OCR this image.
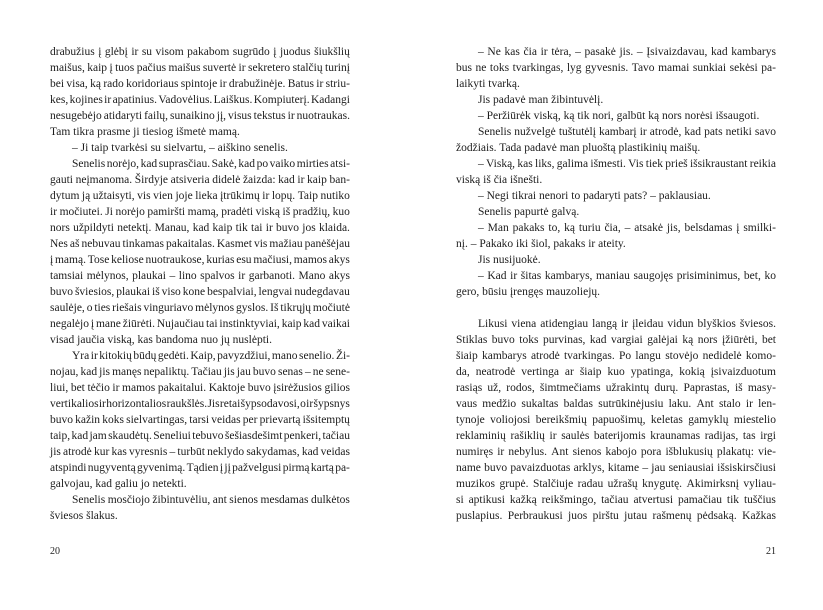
drabužius į glėbį ir su visom pakabom sugrūdo į juodus šiukšlių
maišus, kaip į tuos pačius maišus suvertė ir sekretero stalčių turinį
bei visa, ką rado koridoriaus spintoje ir drabužinėje. Batus ir striu-
kes, kojines ir apatinius. Vadovėlius. Laiškus. Kompiuterį. Kadangi
nesugebėjo atidaryti failų, sunaikino jį, visus tekstus ir nuotraukas.
Tam tikra prasme ji tiesiog išmetė mamą.
– Ji taip tvarkėsi su sielvartu, – aiškino senelis.
Senelis norėjo, kad suprasčiau. Sakė, kad po vaiko mirties atsi-
gauti neįmanoma. Širdyje atsiveria didelė žaizda: kad ir kaip ban-
dytum ją užtaisyti, vis vien joje lieka įtrūkimų ir lopų. Taip nutiko
ir močiutei. Ji norėjo pamiršti mamą, pradėti viską iš pradžių, kuo
nors užpildyti netektį. Manau, kad kaip tik tai ir buvo jos klaida.
Nes aš nebuvau tinkamas pakaitalas. Kasmet vis mažiau panėšėjau
į mamą. Tose keliose nuotraukose, kurias esu mačiusi, mamos akys
tamsiai mėlynos, plaukai – lino spalvos ir garbanoti. Mano akys
buvo šviesios, plaukai iš viso kone bespalviai, lengvai nudegdavau
saulėje, o ties riešais vinguriavo mėlynos gyslos. Iš tikrųjų močiutė
negalėjo į mane žiūrėti. Nujaučiau tai instinktyviai, kaip kad vaikai
visad jaučia viską, kas bandoma nuo jų nuslėpti.
Yra ir kitokių būdų gedėti. Kaip, pavyzdžiui, mano senelio. Ži-
nojau, kad jis manęs nepaliktų. Tačiau jis jau buvo senas – ne sene-
liui, bet tėčio ir mamos pakaitalui. Kaktoje buvo įsirėžusios gilios
vertikalios ir horizontalios raukšlės. Jis retai šypsodavosi, o ir šypsnys
buvo kažin koks sielvartingas, tarsi veidas per prievartą išsitemptų
taip, kad jam skaudėtų. Seneliui tebuvo šešiasdešimt penkeri, tačiau
jis atrodė kur kas vyresnis – turbūt neklydo sakydamas, kad veidas
atspindi nugyventą gyvenimą. Tądien į jį pažvelgusi pirmą kartą pa-
galvojau, kad galiu jo netekti.
Senelis mosčiojo žibintuvėliu, ant sienos mesdamas dulkėtos
šviesos šlakus.
– Ne kas čia ir tėra, – pasakė jis. – Įsivaizdavau, kad kambarys
bus ne toks tvarkingas, lyg gyvesnis. Tavo mamai sunkiai sekėsi pa-
laikyti tvarką.
Jis padavė man žibintuvėlį.
– Peržiūrėk viską, ką tik nori, galbūt ką nors norėsi išsaugoti.
Senelis nužvelgė tuštutėlį kambarį ir atrodė, kad pats netiki savo
žodžiais. Tada padavė man pluoštą plastikinių maišų.
– Viską, kas liks, galima išmesti. Vis tiek prieš išsikraustant reikia
viską iš čia išnešti.
– Negi tikrai nenori to padaryti pats? – paklausiau.
Senelis papurtė galvą.
– Man pakaks to, ką turiu čia, – atsakė jis, belsdamas į smilki-
nį. – Pakako iki šiol, pakaks ir ateity.
Jis nusijuokė.
– Kad ir šitas kambarys, maniau saugojęs prisiminimus, bet, ko
gero, būsiu įrengęs mauzoliejų.
Likusi viena atidengiau langą ir įleidau vidun blyškios šviesos.
Stiklas buvo toks purvinas, kad vargiai galėjai ką nors įžiūrėti, bet
šiaip kambarys atrodė tvarkingas. Po langu stovėjo nedidelė komo-
da, neatrodė vertinga ar šiaip kuo ypatinga, kokią įsivaizduotum
rasiąs už, rodos, šimtmečiams užrakintų durų. Paprastas, iš masy-
vaus medžio sukaltas baldas sutrūkinėjusiu laku. Ant stalo ir len-
tynoje voliojosi bereikšmių papuošimų, keletas gamyklų miestelio
reklaminių rašiklių ir saulės baterijomis kraunamas radijas, tas irgi
numiręs ir nebylus. Ant sienos kabojo pora išblukusių plakatų: vie-
name buvo pavaizduotas arklys, kitame – jau seniausiai išsiskirsčiusi
muzikos grupė. Stalčiuje radau užrašų knygutę. Akimirksnį vyliau-
si aptikusi kažką reikšmingo, tačiau atvertusi pamačiau tik tuščius
puslapius. Perbraukusi juos pirštu jutau rašmenų pėdsaką. Kažkas
20	21
